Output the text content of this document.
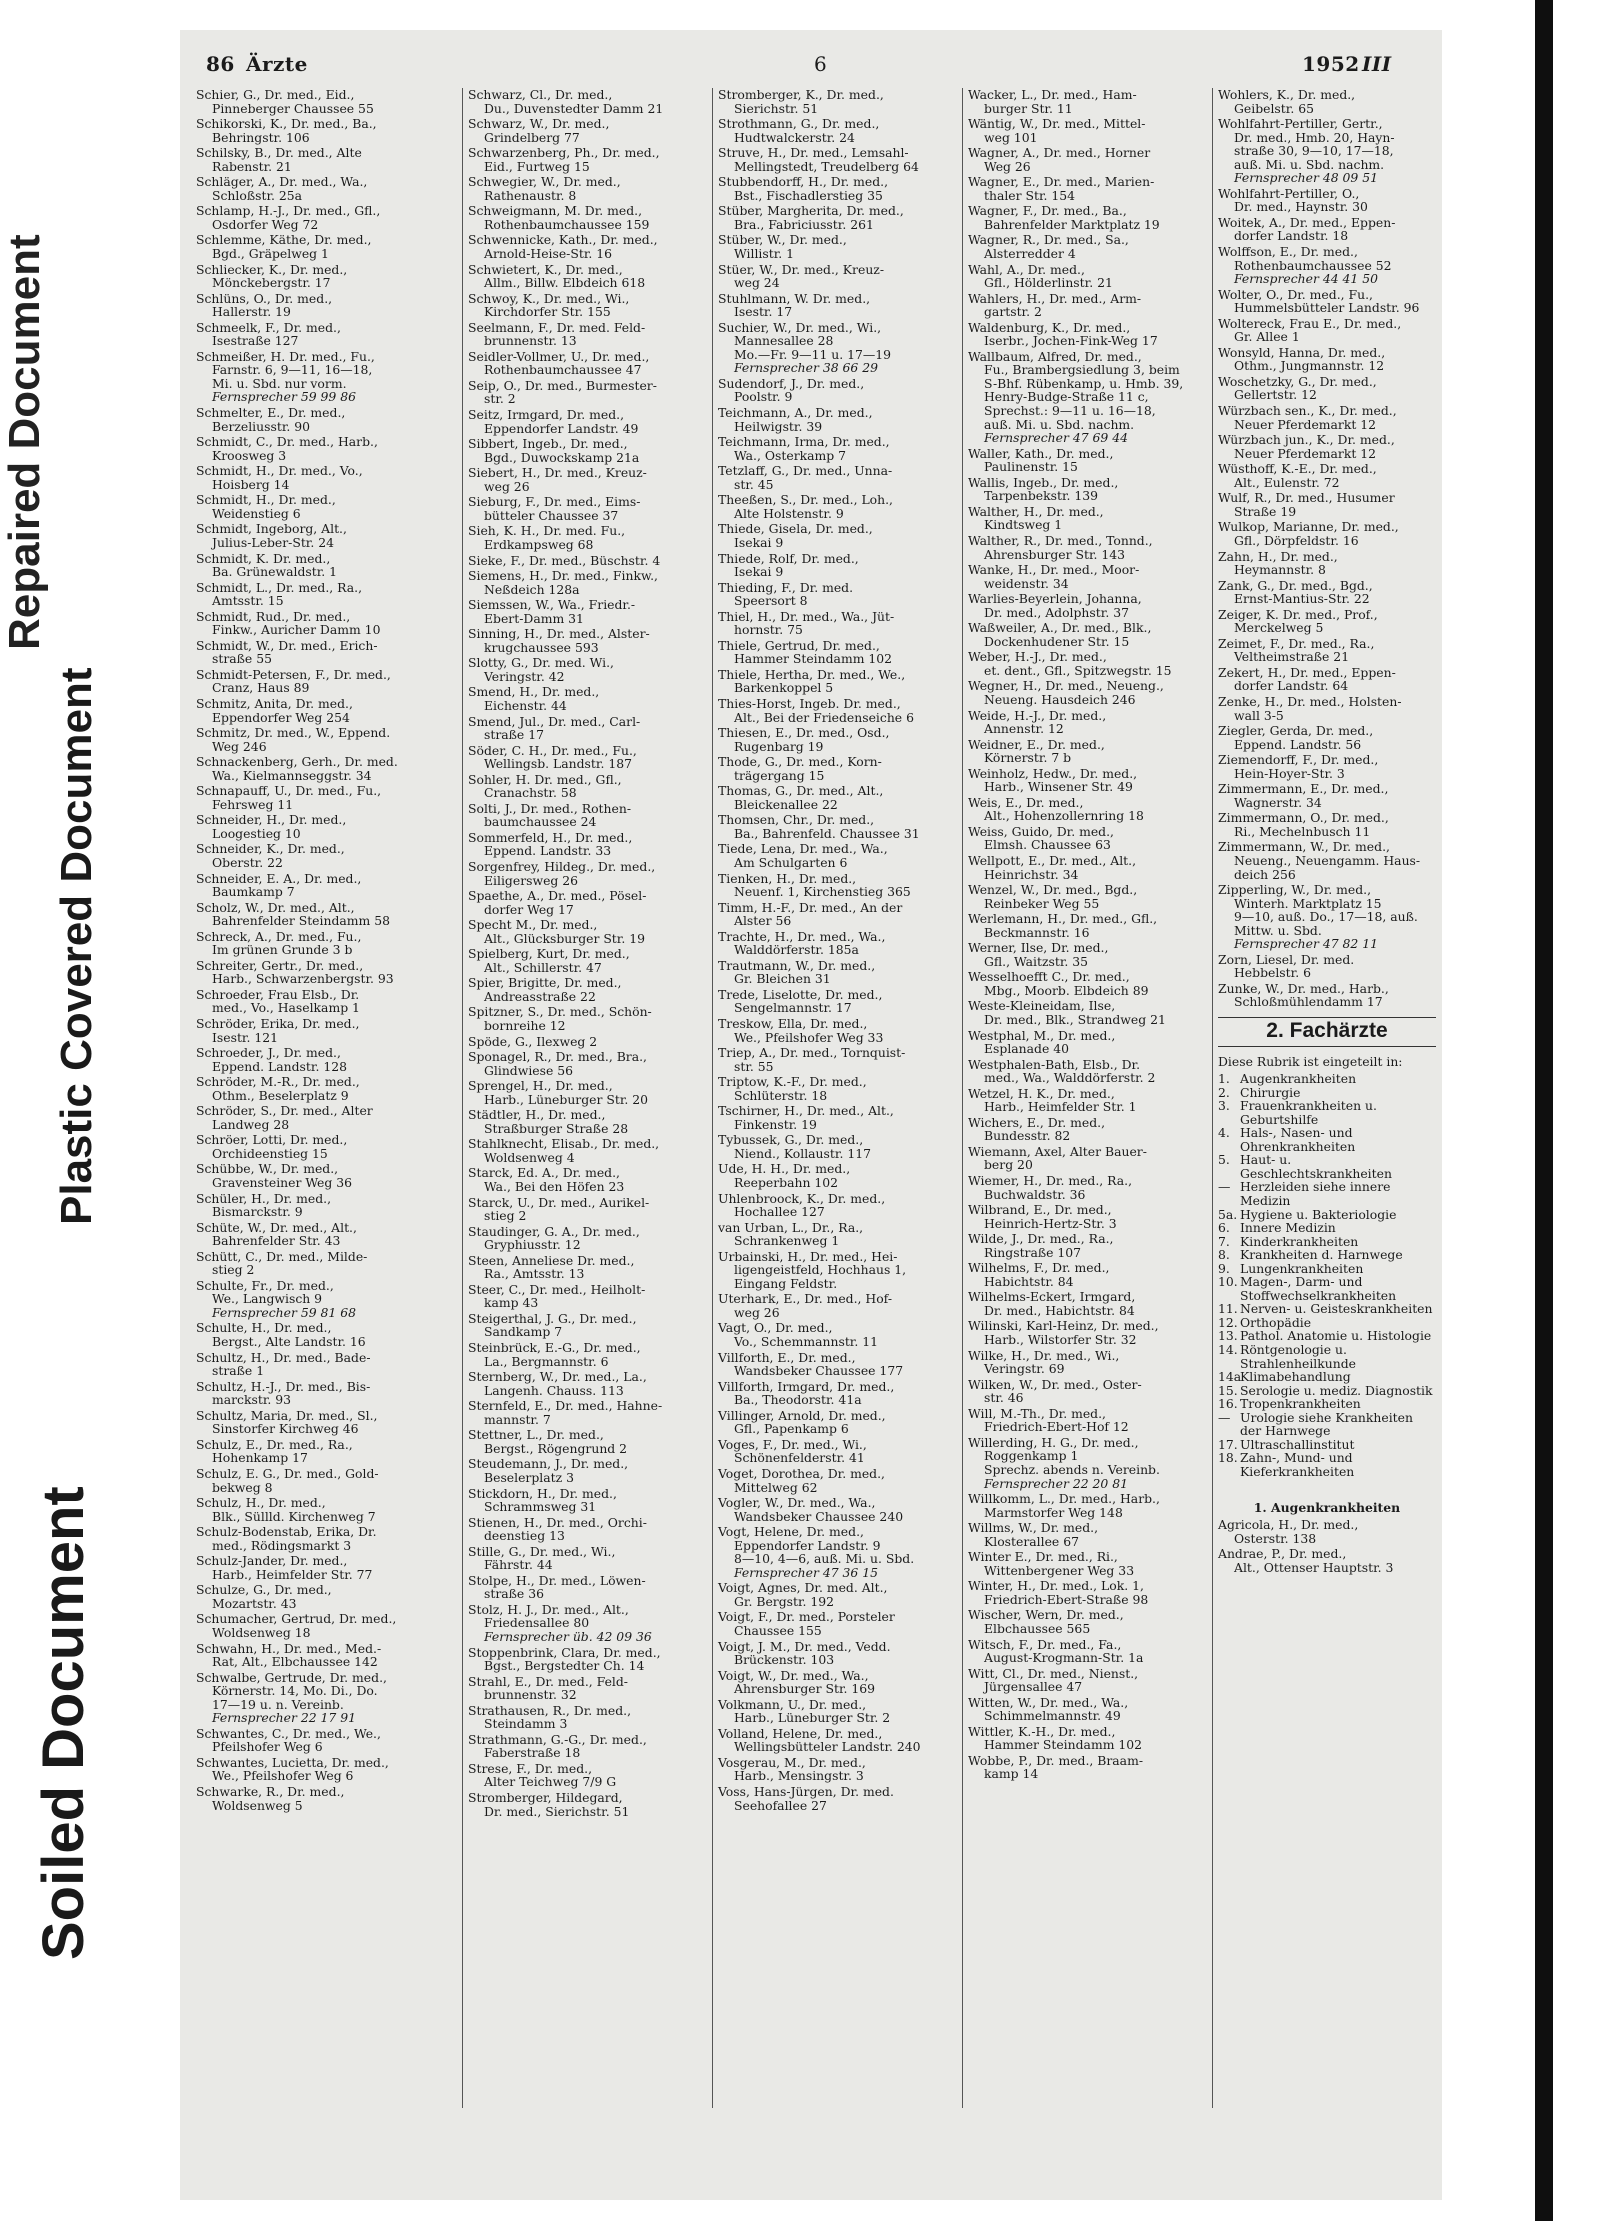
Repaired Document
Plastic Covered Document
Soiled Document
86 Ärzte	6	1952 III
Schier, G., Dr. med., Eid.,
Pinneberger Chaussee 55
Schikorski, K., Dr. med., Ba.,
Behringstr. 106
Schilsky, B., Dr. med., Alte
Rabenstr. 21
Schläger, A., Dr. med., Wa.,
Schloßstr. 25a
Schlamp, H.-J., Dr. med., Gfl.,
Osdorfer Weg 72
Schlemme, Käthe, Dr. med.,
Bgd., Gräpelweg 1
Schliecker, K., Dr. med.,
Mönckebergstr. 17
Schlüns, O., Dr. med.,
Hallerstr. 19
Schmeelk, F., Dr. med.,
Isestraße 127
Schmeißer, H. Dr. med., Fu.,
Farnstr. 6, 9—11, 16—18,
Mi. u. Sbd. nur vorm.
Fernsprecher 59 99 86
Schmelter, E., Dr. med.,
Berzeliusstr. 90
Schmidt, C., Dr. med., Harb.,
Kroosweg 3
Schmidt, H., Dr. med., Vo.,
Hoisberg 14
Schmidt, H., Dr. med.,
Weidenstieg 6
Schmidt, Ingeborg, Alt.,
Julius-Leber-Str. 24
Schmidt, K. Dr. med.,
Ba. Grünewaldstr. 1
Schmidt, L., Dr. med., Ra.,
Amtsstr. 15
Schmidt, Rud., Dr. med.,
Finkw., Auricher Damm 10
Schmidt, W., Dr. med., Erich-
straße 55
Schmidt-Petersen, F., Dr. med.,
Cranz, Haus 89
Schmitz, Anita, Dr. med.,
Eppendorfer Weg 254
Schmitz, Dr. med., W., Eppend.
Weg 246
Schnackenberg, Gerh., Dr. med.
Wa., Kielmannseggstr. 34
Schnapauff, U., Dr. med., Fu.,
Fehrsweg 11
Schneider, H., Dr. med.,
Loogestieg 10
Schneider, K., Dr. med.,
Oberstr. 22
Schneider, E. A., Dr. med.,
Baumkamp 7
Scholz, W., Dr. med., Alt.,
Bahrenfelder Steindamm 58
Schreck, A., Dr. med., Fu.,
Im grünen Grunde 3 b
Schreiter, Gertr., Dr. med.,
Harb., Schwarzenbergstr. 93
Schroeder, Frau Elsb., Dr.
med., Vo., Haselkamp 1
Schröder, Erika, Dr. med.,
Isestr. 121
Schroeder, J., Dr. med.,
Eppend. Landstr. 128
Schröder, M.-R., Dr. med.,
Othm., Beselerplatz 9
Schröder, S., Dr. med., Alter
Landweg 28
Schröer, Lotti, Dr. med.,
Orchideenstieg 15
Schübbe, W., Dr. med.,
Gravensteiner Weg 36
Schüler, H., Dr. med.,
Bismarckstr. 9
Schüte, W., Dr. med., Alt.,
Bahrenfelder Str. 43
Schütt, C., Dr. med., Milde-
stieg 2
Schulte, Fr., Dr. med.,
We., Langwisch 9
Fernsprecher 59 81 68
Schulte, H., Dr. med.,
Bergst., Alte Landstr. 16
Schultz, H., Dr. med., Bade-
straße 1
Schultz, H.-J., Dr. med., Bis-
marckstr. 93
Schultz, Maria, Dr. med., Sl.,
Sinstorfer Kirchweg 46
Schulz, E., Dr. med., Ra.,
Hohenkamp 17
Schulz, E. G., Dr. med., Gold-
bekweg 8
Schulz, H., Dr. med.,
Blk., Süllld. Kirchenweg 7
Schulz-Bodenstab, Erika, Dr.
med., Rödingsmarkt 3
Schulz-Jander, Dr. med.,
Harb., Heimfelder Str. 77
Schulze, G., Dr. med.,
Mozartstr. 43
Schumacher, Gertrud, Dr. med.,
Woldsenweg 18
Schwahn, H., Dr. med., Med.-
Rat, Alt., Elbchaussee 142
Schwalbe, Gertrude, Dr. med.,
Körnerstr. 14, Mo. Di., Do.
17—19 u. n. Vereinb.
Fernsprecher 22 17 91
Schwantes, C., Dr. med., We.,
Pfeilshofer Weg 6
Schwantes, Lucietta, Dr. med.,
We., Pfeilshofer Weg 6
Schwarke, R., Dr. med.,
Woldsenweg 5
Schwarz, Cl., Dr. med.,
Du., Duvenstedter Damm 21
Schwarz, W., Dr. med.,
Grindelberg 77
Schwarzenberg, Ph., Dr. med.,
Eid., Furtweg 15
Schwegier, W., Dr. med.,
Rathenaustr. 8
Schweigmann, M. Dr. med.,
Rothenbaumchaussee 159
Schwennicke, Kath., Dr. med.,
Arnold-Heise-Str. 16
Schwietert, K., Dr. med.,
Allm., Billw. Elbdeich 618
Schwoy, K., Dr. med., Wi.,
Kirchdorfer Str. 155
Seelmann, F., Dr. med. Feld-
brunnenstr. 13
Seidler-Vollmer, U., Dr. med.,
Rothenbaumchaussee 47
Seip, O., Dr. med., Burmester-
str. 2
Seitz, Irmgard, Dr. med.,
Eppendorfer Landstr. 49
Sibbert, Ingeb., Dr. med.,
Bgd., Duwockskamp 21a
Siebert, H., Dr. med., Kreuz-
weg 26
Sieburg, F., Dr. med., Eims-
bütteler Chaussee 37
Sieh, K. H., Dr. med. Fu.,
Erdkampsweg 68
Sieke, F., Dr. med., Büschstr. 4
Siemens, H., Dr. med., Finkw.,
Neßdeich 128a
Siemssen, W., Wa., Friedr.-
Ebert-Damm 31
Sinning, H., Dr. med., Alster-
krugchaussee 593
Slotty, G., Dr. med. Wi.,
Veringstr. 42
Smend, H., Dr. med.,
Eichenstr. 44
Smend, Jul., Dr. med., Carl-
straße 17
Söder, C. H., Dr. med., Fu.,
Wellingsb. Landstr. 187
Sohler, H. Dr. med., Gfl.,
Cranachstr. 58
Solti, J., Dr. med., Rothen-
baumchaussee 24
Sommerfeld, H., Dr. med.,
Eppend. Landstr. 33
Sorgenfrey, Hildeg., Dr. med.,
Eiligersweg 26
Spaethe, A., Dr. med., Pösel-
dorfer Weg 17
Specht M., Dr. med.,
Alt., Glücksburger Str. 19
Spielberg, Kurt, Dr. med.,
Alt., Schillerstr. 47
Spier, Brigitte, Dr. med.,
Andreasstraße 22
Spitzner, S., Dr. med., Schön-
bornreihe 12
Spöde, G., Ilexweg 2
Sponagel, R., Dr. med., Bra.,
Glindwiese 56
Sprengel, H., Dr. med.,
Harb., Lüneburger Str. 20
Städtler, H., Dr. med.,
Straßburger Straße 28
Stahlknecht, Elisab., Dr. med.,
Woldsenweg 4
Starck, Ed. A., Dr. med.,
Wa., Bei den Höfen 23
Starck, U., Dr. med., Aurikel-
stieg 2
Staudinger, G. A., Dr. med.,
Gryphiusstr. 12
Steen, Anneliese Dr. med.,
Ra., Amtsstr. 13
Steer, C., Dr. med., Heilholt-
kamp 43
Steigerthal, J. G., Dr. med.,
Sandkamp 7
Steinbrück, E.-G., Dr. med.,
La., Bergmannstr. 6
Sternberg, W., Dr. med., La.,
Langenh. Chauss. 113
Sternfeld, E., Dr. med., Hahne-
mannstr. 7
Stettner, L., Dr. med.,
Bergst., Rögengrund 2
Steudemann, J., Dr. med.,
Beselerplatz 3
Stickdorn, H., Dr. med.,
Schrammsweg 31
Stienen, H., Dr. med., Orchi-
deenstieg 13
Stille, G., Dr. med., Wi.,
Fährstr. 44
Stolpe, H., Dr. med., Löwen-
straße 36
Stolz, H. J., Dr. med., Alt.,
Friedensallee 80
Fernsprecher üb. 42 09 36
Stoppenbrink, Clara, Dr. med.,
Bgst., Bergstedter Ch. 14
Strahl, E., Dr. med., Feld-
brunnenstr. 32
Strathausen, R., Dr. med.,
Steindamm 3
Strathmann, G.-G., Dr. med.,
Faberstraße 18
Strese, F., Dr. med.,
Alter Teichweg 7/9 G
Stromberger, Hildegard,
Dr. med., Sierichstr. 51
Stromberger, K., Dr. med.,
Sierichstr. 51
Strothmann, G., Dr. med.,
Hudtwalckerstr. 24
Struve, H., Dr. med., Lemsahl-
Mellingstedt, Treudelberg 64
Stubbendorff, H., Dr. med.,
Bst., Fischadlerstieg 35
Stüber, Margherita, Dr. med.,
Bra., Fabriciusstr. 261
Stüber, W., Dr. med.,
Willistr. 1
Stüer, W., Dr. med., Kreuz-
weg 24
Stuhlmann, W. Dr. med.,
Isestr. 17
Suchier, W., Dr. med., Wi.,
Mannesallee 28
Mo.—Fr. 9—11 u. 17—19
Fernsprecher 38 66 29
Sudendorf, J., Dr. med.,
Poolstr. 9
Teichmann, A., Dr. med.,
Heilwigstr. 39
Teichmann, Irma, Dr. med.,
Wa., Osterkamp 7
Tetzlaff, G., Dr. med., Unna-
str. 45
Theeßen, S., Dr. med., Loh.,
Alte Holstenstr. 9
Thiede, Gisela, Dr. med.,
Isekai 9
Thiede, Rolf, Dr. med.,
Isekai 9
Thieding, F., Dr. med.
Speersort 8
Thiel, H., Dr. med., Wa., Jüt-
hornstr. 75
Thiele, Gertrud, Dr. med.,
Hammer Steindamm 102
Thiele, Hertha, Dr. med., We.,
Barkenkoppel 5
Thies-Horst, Ingeb. Dr. med.,
Alt., Bei der Friedenseiche 6
Thiesen, E., Dr. med., Osd.,
Rugenbarg 19
Thode, G., Dr. med., Korn-
trägergang 15
Thomas, G., Dr. med., Alt.,
Bleickenallee 22
Thomsen, Chr., Dr. med.,
Ba., Bahrenfeld. Chaussee 31
Tiede, Lena, Dr. med., Wa.,
Am Schulgarten 6
Tienken, H., Dr. med.,
Neuenf. 1, Kirchenstieg 365
Timm, H.-F., Dr. med., An der
Alster 56
Trachte, H., Dr. med., Wa.,
Walddörferstr. 185a
Trautmann, W., Dr. med.,
Gr. Bleichen 31
Trede, Liselotte, Dr. med.,
Sengelmannstr. 17
Treskow, Ella, Dr. med.,
We., Pfeilshofer Weg 33
Triep, A., Dr. med., Tornquist-
str. 55
Triptow, K.-F., Dr. med.,
Schlüterstr. 18
Tschirner, H., Dr. med., Alt.,
Finkenstr. 19
Tybussek, G., Dr. med.,
Niend., Kollaustr. 117
Ude, H. H., Dr. med.,
Reeperbahn 102
Uhlenbroock, K., Dr. med.,
Hochallee 127
van Urban, L., Dr., Ra.,
Schrankenweg 1
Urbainski, H., Dr. med., Hei-
ligengeistfeld, Hochhaus 1,
Eingang Feldstr.
Uterhark, E., Dr. med., Hof-
weg 26
Vagt, O., Dr. med.,
Vo., Schemmannstr. 11
Villforth, E., Dr. med.,
Wandsbeker Chaussee 177
Villforth, Irmgard, Dr. med.,
Ba., Theodorstr. 41a
Villinger, Arnold, Dr. med.,
Gfl., Papenkamp 6
Voges, F., Dr. med., Wi.,
Schönenfelderstr. 41
Voget, Dorothea, Dr. med.,
Mittelweg 62
Vogler, W., Dr. med., Wa.,
Wandsbeker Chaussee 240
Vogt, Helene, Dr. med.,
Eppendorfer Landstr. 9
8—10, 4—6, auß. Mi. u. Sbd.
Fernsprecher 47 36 15
Voigt, Agnes, Dr. med. Alt.,
Gr. Bergstr. 192
Voigt, F., Dr. med., Porsteler
Chaussee 155
Voigt, J. M., Dr. med., Vedd.
Brückenstr. 103
Voigt, W., Dr. med., Wa.,
Ahrensburger Str. 169
Volkmann, U., Dr. med.,
Harb., Lüneburger Str. 2
Volland, Helene, Dr. med.,
Wellingsbütteler Landstr. 240
Vosgerau, M., Dr. med.,
Harb., Mensingstr. 3
Voss, Hans-Jürgen, Dr. med.
Seehofallee 27
Wacker, L., Dr. med., Ham-
burger Str. 11
Wäntig, W., Dr. med., Mittel-
weg 101
Wagner, A., Dr. med., Horner
Weg 26
Wagner, E., Dr. med., Marien-
thaler Str. 154
Wagner, F., Dr. med., Ba.,
Bahrenfelder Marktplatz 19
Wagner, R., Dr. med., Sa.,
Alsterredder 4
Wahl, A., Dr. med.,
Gfl., Hölderlinstr. 21
Wahlers, H., Dr. med., Arm-
gartstr. 2
Waldenburg, K., Dr. med.,
Iserbr., Jochen-Fink-Weg 17
Wallbaum, Alfred, Dr. med.,
Fu., Brambergsiedlung 3, beim
S-Bhf. Rübenkamp, u. Hmb. 39,
Henry-Budge-Straße 11 c,
Sprechst.: 9—11 u. 16—18,
auß. Mi. u. Sbd. nachm.
Fernsprecher 47 69 44
Waller, Kath., Dr. med.,
Paulinenstr. 15
Wallis, Ingeb., Dr. med.,
Tarpenbekstr. 139
Walther, H., Dr. med.,
Kindtsweg 1
Walther, R., Dr. med., Tonnd.,
Ahrensburger Str. 143
Wanke, H., Dr. med., Moor-
weidenstr. 34
Warlies-Beyerlein, Johanna,
Dr. med., Adolphstr. 37
Waßweiler, A., Dr. med., Blk.,
Dockenhudener Str. 15
Weber, H.-J., Dr. med.,
et. dent., Gfl., Spitzwegstr. 15
Wegner, H., Dr. med., Neueng.,
Neueng. Hausdeich 246
Weide, H.-J., Dr. med.,
Annenstr. 12
Weidner, E., Dr. med.,
Körnerstr. 7 b
Weinholz, Hedw., Dr. med.,
Harb., Winsener Str. 49
Weis, E., Dr. med.,
Alt., Hohenzollernring 18
Weiss, Guido, Dr. med.,
Elmsh. Chaussee 63
Wellpott, E., Dr. med., Alt.,
Heinrichstr. 34
Wenzel, W., Dr. med., Bgd.,
Reinbeker Weg 55
Werlemann, H., Dr. med., Gfl.,
Beckmannstr. 16
Werner, Ilse, Dr. med.,
Gfl., Waitzstr. 35
Wesselhoefft C., Dr. med.,
Mbg., Moorb. Elbdeich 89
Weste-Kleineidam, Ilse,
Dr. med., Blk., Strandweg 21
Westphal, M., Dr. med.,
Esplanade 40
Westphalen-Bath, Elsb., Dr.
med., Wa., Walddörferstr. 2
Wetzel, H. K., Dr. med.,
Harb., Heimfelder Str. 1
Wichers, E., Dr. med.,
Bundesstr. 82
Wiemann, Axel, Alter Bauer-
berg 20
Wiemer, H., Dr. med., Ra.,
Buchwaldstr. 36
Wilbrand, E., Dr. med.,
Heinrich-Hertz-Str. 3
Wilde, J., Dr. med., Ra.,
Ringstraße 107
Wilhelms, F., Dr. med.,
Habichtstr. 84
Wilhelms-Eckert, Irmgard,
Dr. med., Habichtstr. 84
Wilinski, Karl-Heinz, Dr. med.,
Harb., Wilstorfer Str. 32
Wilke, H., Dr. med., Wi.,
Veringstr. 69
Wilken, W., Dr. med., Oster-
str. 46
Will, M.-Th., Dr. med.,
Friedrich-Ebert-Hof 12
Willerding, H. G., Dr. med.,
Roggenkamp 1
Sprechz. abends n. Vereinb.
Fernsprecher 22 20 81
Willkomm, L., Dr. med., Harb.,
Marmstorfer Weg 148
Willms, W., Dr. med.,
Klosterallee 67
Winter E., Dr. med., Ri.,
Wittenbergener Weg 33
Winter, H., Dr. med., Lok. 1,
Friedrich-Ebert-Straße 98
Wischer, Wern, Dr. med.,
Elbchaussee 565
Witsch, F., Dr. med., Fa.,
August-Krogmann-Str. 1a
Witt, Cl., Dr. med., Nienst.,
Jürgensallee 47
Witten, W., Dr. med., Wa.,
Schimmelmannstr. 49
Wittler, K.-H., Dr. med.,
Hammer Steindamm 102
Wobbe, P., Dr. med., Braam-
kamp 14
Wohlers, K., Dr. med.,
Geibelstr. 65
Wohlfahrt-Pertiller, Gertr.,
Dr. med., Hmb. 20, Hayn-
straße 30, 9—10, 17—18,
auß. Mi. u. Sbd. nachm.
Fernsprecher 48 09 51
Wohlfahrt-Pertiller, O.,
Dr. med., Haynstr. 30
Woitek, A., Dr. med., Eppen-
dorfer Landstr. 18
Wolffson, E., Dr. med.,
Rothenbaumchaussee 52
Fernsprecher 44 41 50
Wolter, O., Dr. med., Fu.,
Hummelsbütteler Landstr. 96
Woltereck, Frau E., Dr. med.,
Gr. Allee 1
Wonsyld, Hanna, Dr. med.,
Othm., Jungmannstr. 12
Woschetzky, G., Dr. med.,
Gellertstr. 12
Würzbach sen., K., Dr. med.,
Neuer Pferdemarkt 12
Würzbach jun., K., Dr. med.,
Neuer Pferdemarkt 12
Wüsthoff, K.-E., Dr. med.,
Alt., Eulenstr. 72
Wulf, R., Dr. med., Husumer
Straße 19
Wulkop, Marianne, Dr. med.,
Gfl., Dörpfeldstr. 16
Zahn, H., Dr. med.,
Heymannstr. 8
Zank, G., Dr. med., Bgd.,
Ernst-Mantius-Str. 22
Zeiger, K. Dr. med., Prof.,
Merckelweg 5
Zeimet, F., Dr. med., Ra.,
Veltheimstraße 21
Zekert, H., Dr. med., Eppen-
dorfer Landstr. 64
Zenke, H., Dr. med., Holsten-
wall 3-5
Ziegler, Gerda, Dr. med.,
Eppend. Landstr. 56
Ziemendorff, F., Dr. med.,
Hein-Hoyer-Str. 3
Zimmermann, E., Dr. med.,
Wagnerstr. 34
Zimmermann, O., Dr. med.,
Ri., Mechelnbusch 11
Zimmermann, W., Dr. med.,
Neueng., Neuengamm. Haus-
deich 256
Zipperling, W., Dr. med.,
Winterh. Marktplatz 15
9—10, auß. Do., 17—18, auß.
Mittw. u. Sbd.
Fernsprecher 47 82 11
Zorn, Liesel, Dr. med.
Hebbelstr. 6
Zunke, W., Dr. med., Harb.,
Schloßmühlendamm 17
2. Fachärzte
Diese Rubrik ist eingeteilt in:
1. Augenkrankheiten
2. Chirurgie
3. Frauenkrankheiten u. Geburtshilfe
4. Hals-, Nasen- und Ohrenkrankheiten
5. Haut- u. Geschlechtskrankheiten
— Herzleiden siehe innere Medizin
5a. Hygiene u. Bakteriologie
6. Innere Medizin
7. Kinderkrankheiten
8. Krankheiten d. Harnwege
9. Lungenkrankheiten
10. Magen-, Darm- und Stoffwechselkrankheiten
11. Nerven- u. Geisteskrankheiten
12. Orthopädie
13. Pathol. Anatomie u. Histologie
14. Röntgenologie u. Strahlenheilkunde
14a
Klimabehandlung
15. Serologie u. mediz. Diagnostik
16. Tropenkrankheiten
— Urologie siehe Krankheiten der Harnwege
17. Ultraschallinstitut
18. Zahn-, Mund- und Kieferkrankheiten
1. Augenkrankheiten
Agricola, H., Dr. med.,
Osterstr. 138
Andrae, P., Dr. med.,
Alt., Ottenser Hauptstr. 3
